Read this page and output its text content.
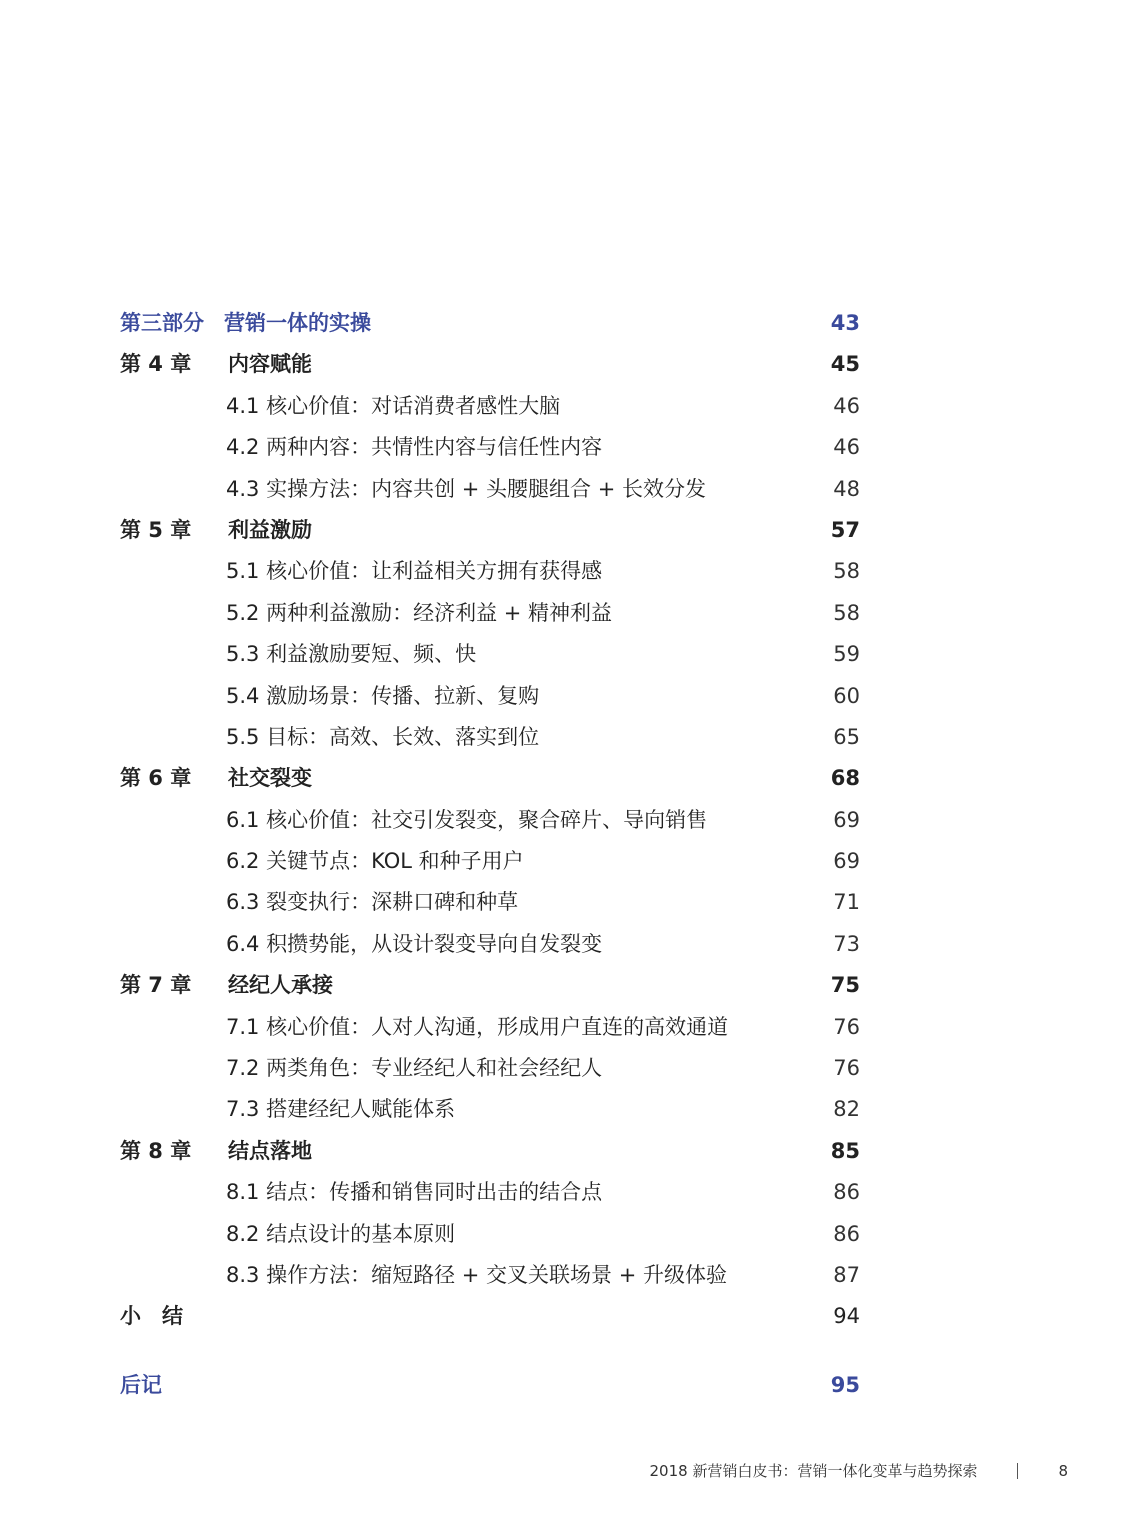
第三部分 营销一体的实操	43
第 4 章 内容赋能	45
4.1 核心价值：对话消费者感性大脑	46
4.2 两种内容：共情性内容与信任性内容	46
4.3 实操方法：内容共创 + 头腰腿组合 + 长效分发	48
第 5 章 利益激励	57
5.1 核心价值：让利益相关方拥有获得感	58
5.2 两种利益激励：经济利益 + 精神利益	58
5.3 利益激励要短、频、快	59
5.4 激励场景：传播、拉新、复购	60
5.5 目标：高效、长效、落实到位	65
第 6 章 社交裂变	68
6.1 核心价值：社交引发裂变，聚合碎片、导向销售	69
6.2 关键节点：KOL 和种子用户	69
6.3 裂变执行：深耕口碑和种草	71
6.4 积攒势能，从设计裂变导向自发裂变	73
第 7 章 经纪人承接	75
7.1 核心价值：人对人沟通，形成用户直连的高效通道	76
7.2 两类角色：专业经纪人和社会经纪人	76
7.3 搭建经纪人赋能体系	82
第 8 章 结点落地	85
8.1 结点：传播和销售同时出击的结合点	86
8.2 结点设计的基本原则	86
8.3 操作方法：缩短路径 + 交叉关联场景 + 升级体验	87
小　结	94
后记	95
2018 新营销白皮书：营销一体化变革与趋势探索	8
